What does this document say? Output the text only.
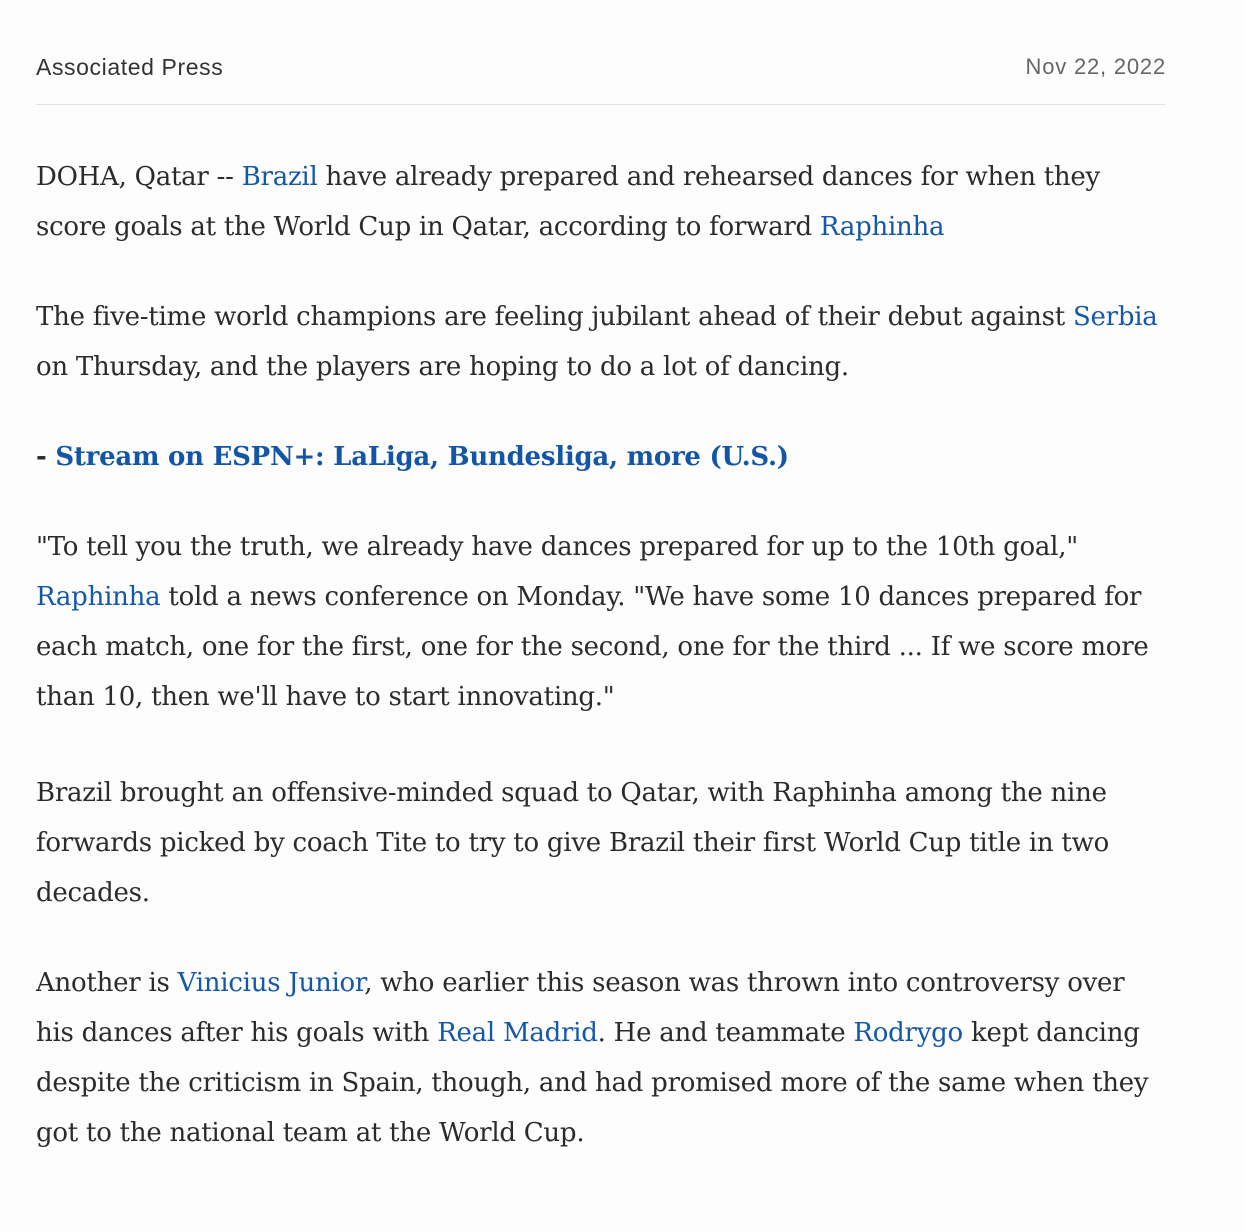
Associated Press	Nov 22, 2022

DOHA, Qatar -- Brazil have already prepared and rehearsed dances for when they score goals at the World Cup in Qatar, according to forward Raphinha

The five-time world champions are feeling jubilant ahead of their debut against Serbia on Thursday, and the players are hoping to do a lot of dancing.

- Stream on ESPN+: LaLiga, Bundesliga, more (U.S.)

"To tell you the truth, we already have dances prepared for up to the 10th goal," Raphinha told a news conference on Monday. "We have some 10 dances prepared for each match, one for the first, one for the second, one for the third ... If we score more than 10, then we'll have to start innovating."

Brazil brought an offensive-minded squad to Qatar, with Raphinha among the nine forwards picked by coach Tite to try to give Brazil their first World Cup title in two decades.

Another is Vinicius Junior, who earlier this season was thrown into controversy over his dances after his goals with Real Madrid. He and teammate Rodrygo kept dancing despite the criticism in Spain, though, and had promised more of the same when they got to the national team at the World Cup.
